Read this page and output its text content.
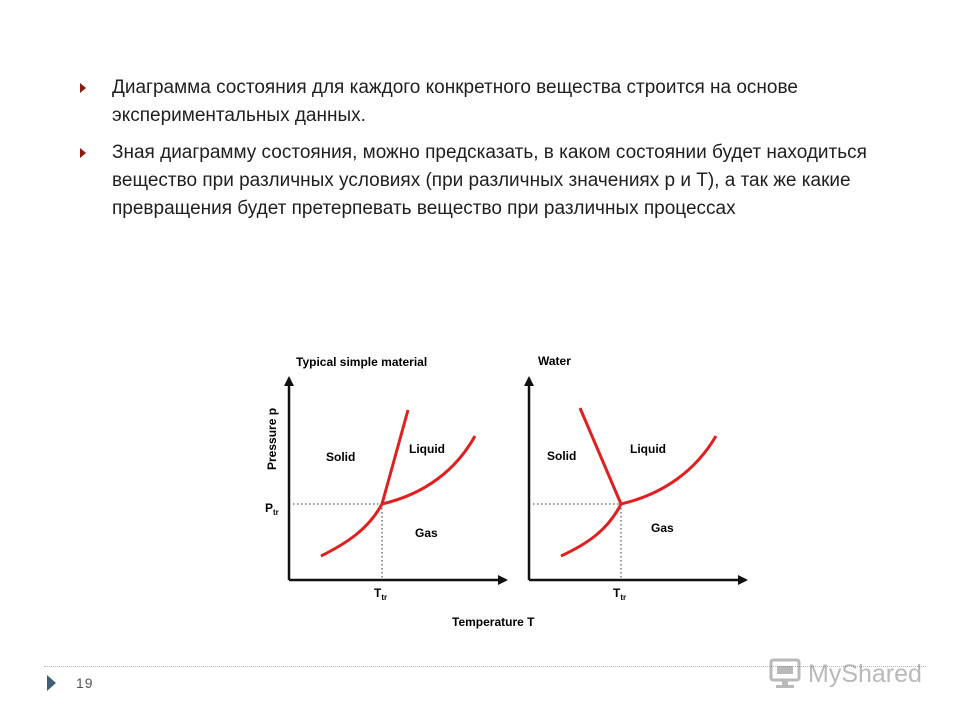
Диаграмма состояния для каждого конкретного вещества строится на основе экспериментальных данных.
Зная диаграмму состояния, можно предсказать, в каком состоянии будет находиться вещество при различных условиях (при различных значениях р и Т), а так же какие превращения будет претерпевать вещество при различных процессах
Typical simple material
Pressure p	Solid
Liquid
Gas
$P_{tr}$
$T_{tr}$
Water
Solid	Liquid
Gas
$T_{tr}$
Temperature T
19	MyShared
